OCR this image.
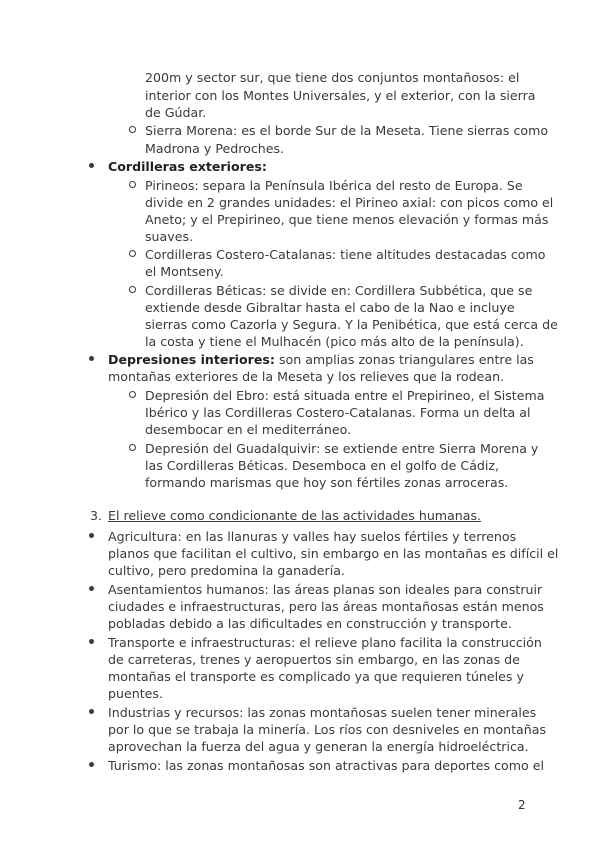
200m y sector sur, que tiene dos conjuntos montañosos: el

interior con los Montes Universales, y el exterior, con la sierra

de Gúdar.

Sierra Morena: es el borde Sur de la Meseta. Tiene sierras como

Madrona y Pedroches.

Cordilleras exteriores:

Pirineos: separa la Península Ibérica del resto de Europa. Se

divide en 2 grandes unidades: el Pirineo axial: con picos como el

Aneto; y el Prepirineo, que tiene menos elevación y formas más

suaves.

Cordilleras Costero-Catalanas: tiene altitudes destacadas como

el Montseny.

Cordilleras Béticas: se divide en: Cordillera Subbética, que se

extiende desde Gibraltar hasta el cabo de la Nao e incluye

sierras como Cazorla y Segura. Y la Penibética, que está cerca de

la costa y tiene el Mulhacén (pico más alto de la península).

Depresiones interiores: son amplias zonas triangulares entre las

montañas exteriores de la Meseta y los relieves que la rodean.

Depresión del Ebro: está situada entre el Prepirineo, el Sistema

Ibérico y las Cordilleras Costero-Catalanas. Forma un delta al

desembocar en el mediterráneo.

Depresión del Guadalquivir: se extiende entre Sierra Morena y

las Cordilleras Béticas. Desemboca en el golfo de Cádiz,

formando marismas que hoy son fértiles zonas arroceras.

3. El relieve como condicionante de las actividades humanas.

Agricultura: en las llanuras y valles hay suelos fértiles y terrenos

planos que facilitan el cultivo, sin embargo en las montañas es difícil el

cultivo, pero predomina la ganadería.

Asentamientos humanos: las áreas planas son ideales para construir

ciudades e infraestructuras, pero las áreas montañosas están menos

pobladas debido a las dificultades en construcción y transporte.

Transporte e infraestructuras: el relieve plano facilita la construcción

de carreteras, trenes y aeropuertos sin embargo, en las zonas de

montañas el transporte es complicado ya que requieren túneles y

puentes.

Industrias y recursos: las zonas montañosas suelen tener minerales

por lo que se trabaja la minería. Los ríos con desniveles en montañas

aprovechan la fuerza del agua y generan la energía hidroeléctrica.

Turismo: las zonas montañosas son atractivas para deportes como el

2
